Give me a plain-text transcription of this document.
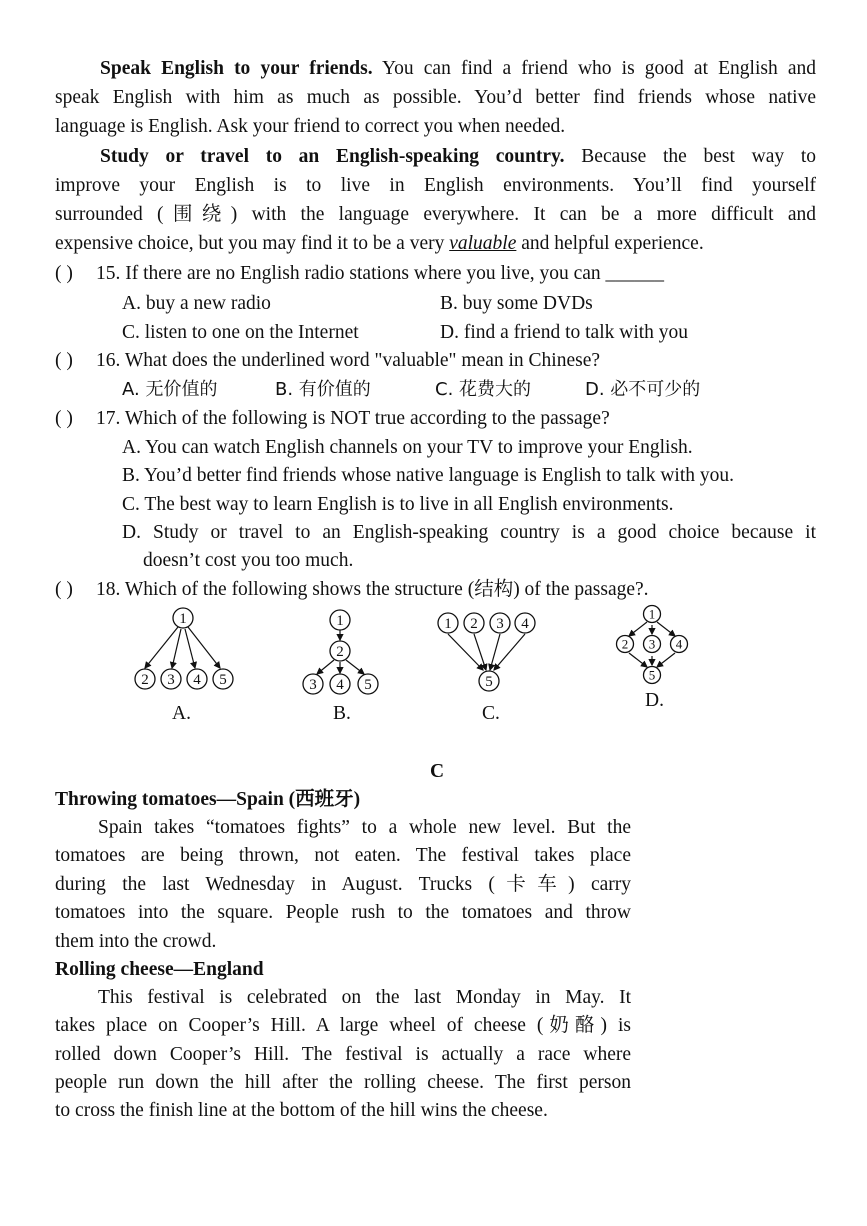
Speak English to your friends. You can find a friend who is good at English and
speak English with him as much as possible. You’d better find friends whose native
language is English. Ask your friend to correct you when needed.
Study or travel to an English-speaking country. Because the best way to
improve your English is to live in English environments. You’ll find yourself
surrounded (围绕) with the language everywhere. It can be a more difficult and
expensive choice, but you may find it to be a very valuable and helpful experience.
( ) 15. If there are no English radio stations where you live, you can ______
A. buy a new radio	B. buy some DVDs
C. listen to one on the Internet	D. find a friend to talk with you
( ) 16. What does the underlined word "valuable" mean in Chinese?
A. 无价值的	B. 有价值的	C. 花费大的	D. 必不可少的
( ) 17. Which of the following is NOT true according to the passage?
A. You can watch English channels on your TV to improve your English.
B. You’d better find friends whose native language is English to talk with you.
C. The best way to learn English is to live in all English environments.
D. Study or travel to an English-speaking country is a good choice because it
doesn’t cost you too much.
( ) 18. Which of the following shows the structure (结构) of the passage?.
1
2 3 4 5
1
2
3 4 5
1 2 3 4
5
1
2 3 4
5
A.	B.	C.
D.
C
Throwing tomatoes—Spain (西班牙)
Spain takes “tomatoes fights” to a whole new level. But the
tomatoes are being thrown, not eaten. The festival takes place
during the last Wednesday in August. Trucks (卡车) carry
tomatoes into the square. People rush to the tomatoes and throw
them into the crowd.
Rolling cheese—England
This festival is celebrated on the last Monday in May. It
takes place on Cooper’s Hill. A large wheel of cheese (奶酪) is
rolled down Cooper’s Hill. The festival is actually a race where
people run down the hill after the rolling cheese. The first person
to cross the finish line at the bottom of the hill wins the cheese.
